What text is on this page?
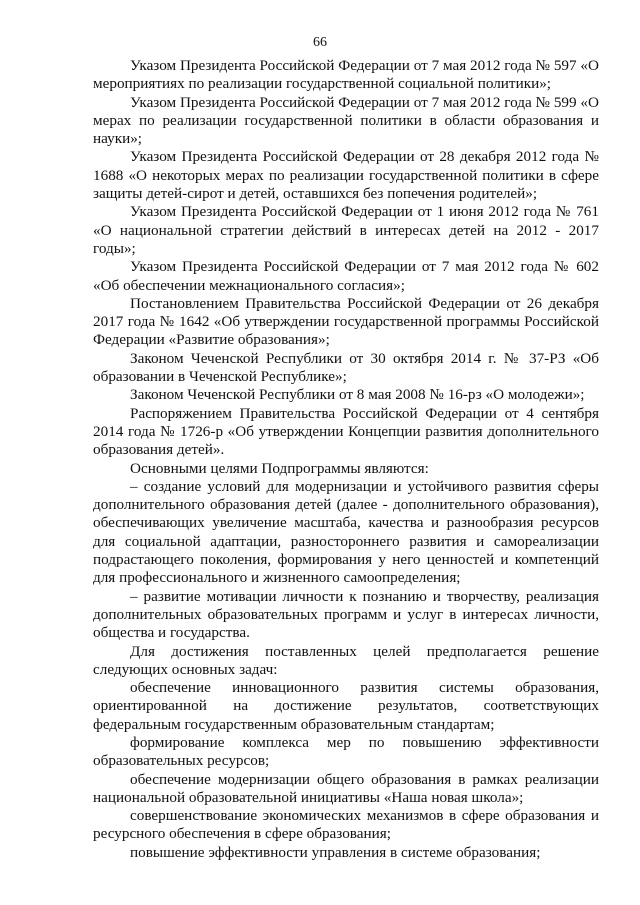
66

Указом Президента Российской Федерации от 7 мая 2012 года № 597 «О мероприятиях по реализации государственной социальной политики»;

Указом Президента Российской Федерации от 7 мая 2012 года № 599 «О мерах по реализации государственной политики в области образования и науки»;

Указом Президента Российской Федерации от 28 декабря 2012 года № 1688 «О некоторых мерах по реализации государственной политики в сфере защиты детей-сирот и детей, оставшихся без попечения родителей»;

Указом Президента Российской Федерации от 1 июня 2012 года № 761 «О национальной стратегии действий в интересах детей на 2012 - 2017 годы»;

Указом Президента Российской Федерации от 7 мая 2012 года № 602 «Об обеспечении межнационального согласия»;

Постановлением Правительства Российской Федерации от 26 декабря 2017 года № 1642 «Об утверждении государственной программы Российской Федерации «Развитие образования»;

Законом Чеченской Республики от 30 октября 2014 г. № 37-РЗ «Об образовании в Чеченской Республике»;

Законом Чеченской Республики от 8 мая 2008 № 16-рз «О молодежи»;

Распоряжением Правительства Российской Федерации от 4 сентября 2014 года № 1726-р «Об утверждении Концепции развития дополнительного образования детей».

Основными целями Подпрограммы являются:

– создание условий для модернизации и устойчивого развития сферы дополнительного образования детей (далее - дополнительного образования), обеспечивающих увеличение масштаба, качества и разнообразия ресурсов для социальной адаптации, разностороннего развития и самореализации подрастающего поколения, формирования у него ценностей и компетенций для профессионального и жизненного самоопределения;

– развитие мотивации личности к познанию и творчеству, реализация дополнительных образовательных программ и услуг в интересах личности, общества и государства.

Для достижения поставленных целей предполагается решение следующих основных задач:

обеспечение инновационного развития системы образования, ориентированной на достижение результатов, соответствующих федеральным государственным образовательным стандартам;

формирование комплекса мер по повышению эффективности образовательных ресурсов;

обеспечение модернизации общего образования в рамках реализации национальной образовательной инициативы «Наша новая школа»;

совершенствование экономических механизмов в сфере образования и ресурсного обеспечения в сфере образования;

повышение эффективности управления в системе образования;
